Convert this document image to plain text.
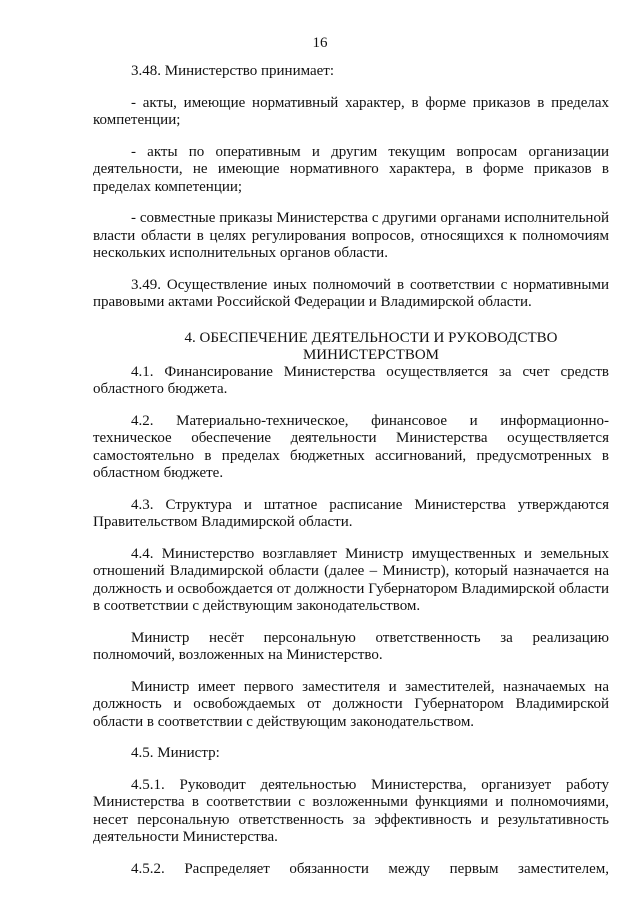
16

3.48. Министерство принимает:

- акты, имеющие нормативный характер, в форме приказов в пределах компетенции;

- акты по оперативным и другим текущим вопросам организации деятельности, не имеющие нормативного характера, в форме приказов в пределах компетенции;

- совместные приказы Министерства с другими органами исполнительной власти области в целях регулирования вопросов, относящихся к полномочиям нескольких исполнительных органов области.

3.49. Осуществление иных полномочий в соответствии с нормативными правовыми актами Российской Федерации и Владимирской области.

4. ОБЕСПЕЧЕНИЕ ДЕЯТЕЛЬНОСТИ И РУКОВОДСТВО
МИНИСТЕРСТВОМ

4.1. Финансирование Министерства осуществляется за счет средств областного бюджета.

4.2. Материально-техническое, финансовое и информационно-техническое обеспечение деятельности Министерства осуществляется самостоятельно в пределах бюджетных ассигнований, предусмотренных в областном бюджете.

4.3. Структура и штатное расписание Министерства утверждаются Правительством Владимирской области.

4.4. Министерство возглавляет Министр имущественных и земельных отношений Владимирской области (далее – Министр), который назначается на должность и освобождается от должности Губернатором Владимирской области в соответствии с действующим законодательством.

Министр несёт персональную ответственность за реализацию полномочий, возложенных на Министерство.

Министр имеет первого заместителя и заместителей, назначаемых на должность и освобождаемых от должности Губернатором Владимирской области в соответствии с действующим законодательством.

4.5. Министр:

4.5.1. Руководит деятельностью Министерства, организует работу Министерства в соответствии с возложенными функциями и полномочиями, несет персональную ответственность за эффективность и результативность деятельности Министерства.

4.5.2. Распределяет обязанности между первым заместителем,
